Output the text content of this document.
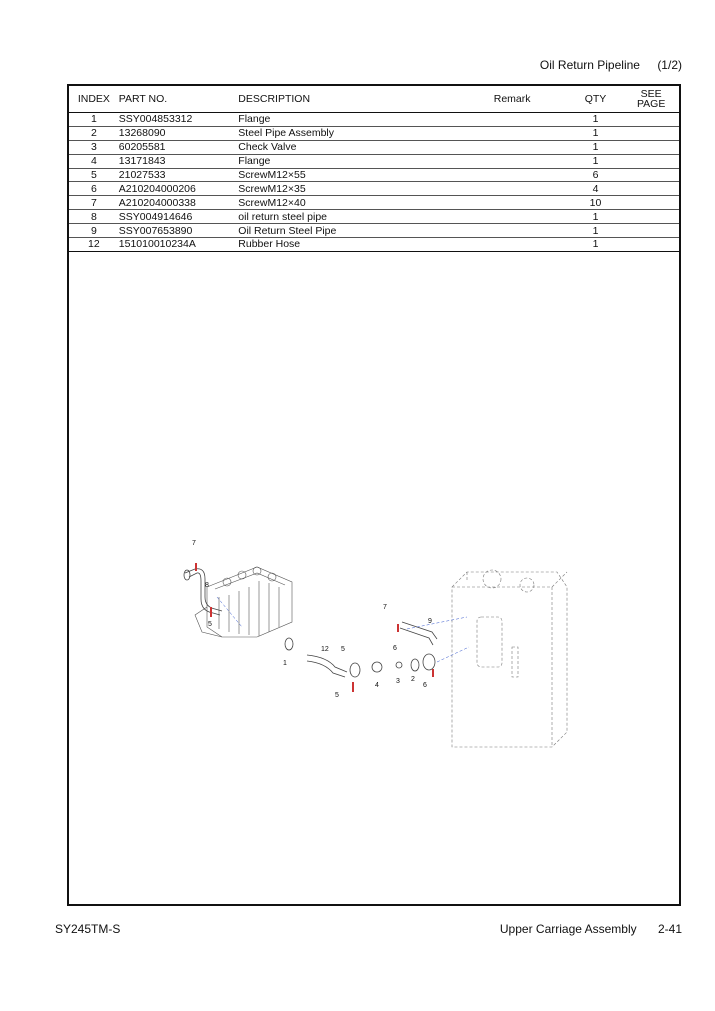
Oil Return Pipeline (1/2)
INDEX	PART NO.	DESCRIPTION	Remark	QTY	SEE
PAGE
1	SSY004853312	Flange		1	
2	13268090	Steel Pipe Assembly		1	
3	60205581	Check Valve		1	
4	13171843	Flange		1	
5	21027533	ScrewM12×55		6	
6	A210204000206	ScrewM12×35		4	
7	A210204000338	ScrewM12×40		10	
8	SSY004914646	oil return steel pipe		1	
9	SSY007653890	Oil Return Steel Pipe		1	
12	151010010234A	Rubber Hose		1	
7
8
5
1
12 5
5
4
3 2
6
6
7
9
SY245TM-S	Upper Carriage Assembly 2-41
